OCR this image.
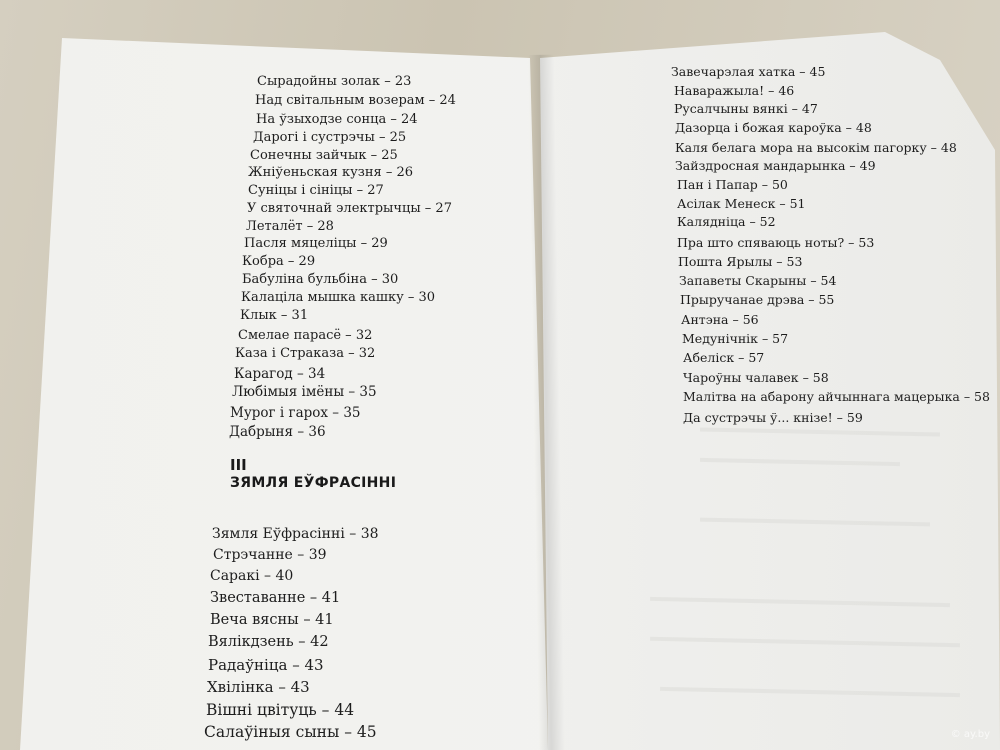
Сырадойны золак – 23
Над світальным возерам – 24
На ўзыходзе сонца – 24
Дарогі і сустрэчы – 25
Сонечны зайчык – 25
Жніўеньская кузня – 26
Суніцы і сініцы – 27
У святочнай электрычцы – 27
Леталёт – 28
Пасля мяцеліцы – 29
Кобра – 29
Бабуліна бульбіна – 30
Калаціла мышка кашку – 30
Клык – 31
Смелае парасё – 32
Каза і Страказа – 32
Карагод – 34
Любімыя імёны – 35
Мурог і гарох – 35
Дабрыня – 36
Зямля Еўфрасінні – 38
Стрэчанне – 39
Саракі – 40
Звеставанне – 41
Веча вясны – 41
Вялікдзень – 42
Радаўніца – 43
Хвілінка – 43
Вішні цвітуць – 44
Салаўіныя сыны – 45
III
ЗЯМЛЯ ЕЎФРАСІННІ
Завечарэлая хатка – 45
Наваражыла! – 46
Русалчыны вянкі – 47
Дазорца і божая кароўка – 48
Каля белага мора на высокім пагорку – 48
Зайздросная мандарынка – 49
Пан і Папар – 50
Асілак Менеск – 51
Калядніца – 52
Пра што спяваюць ноты? – 53
Пошта Ярылы – 53
Запаветы Скарыны – 54
Прыручанае дрэва – 55
Антэна – 56
Медунічнік – 57
Абеліск – 57
Чароўны чалавек – 58
Малітва на абарону айчыннага мацерыка – 58
Да сустрэчы ў... кнізе! – 59
© ay.by
